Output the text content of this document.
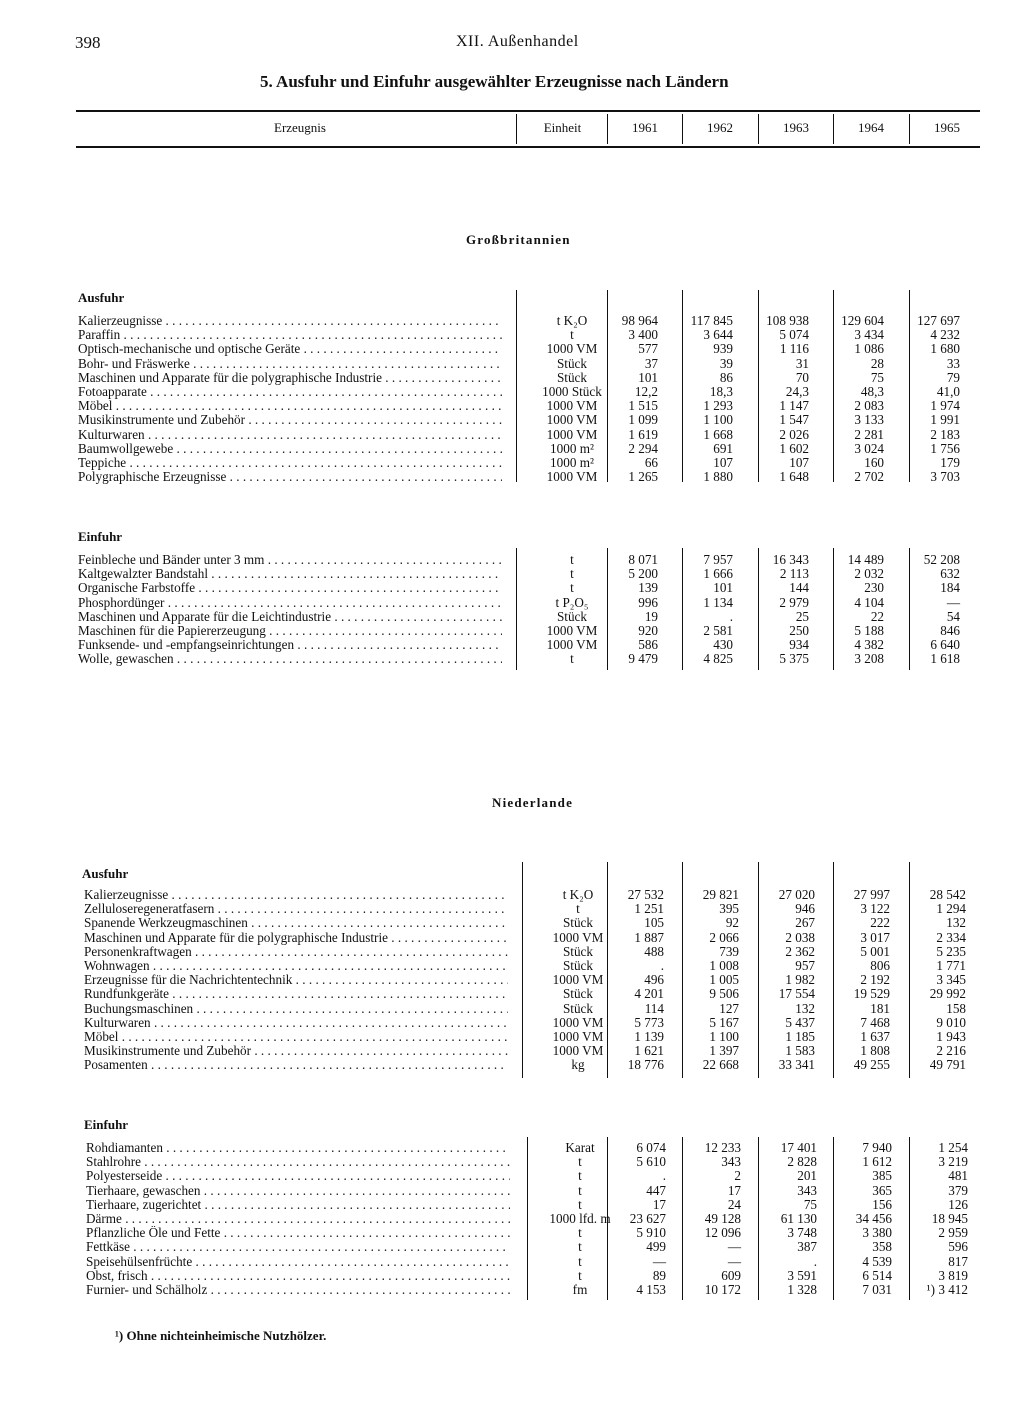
398	XII. Außenhandel
5. Ausfuhr und Einfuhr ausgewählter Erzeugnisse nach Ländern
Erzeugnis	Einheit	1961	1962	1963	1964	1965
Großbritannien
Ausfuhr
Kalierzeugnisse . . .	t K₂O	98 964	117 845	108 938	129 604	127 697
Paraffin . . .	t	3 400	3 644	5 074	3 434	4 232
Optisch-mechanische und optische Geräte . . .	1000 VM	577	939	1 116	1 086	1 680
Bohr- und Fräswerke . . .	Stück	37	39	31	28	33
Maschinen und Apparate für die polygraphische Industrie . . .	Stück	101	86	70	75	79
Fotoapparate . . .	1000 Stück	12,2	18,3	24,3	48,3	41,0
Möbel . . .	1000 VM	1 515	1 293	1 147	2 083	1 974
Musikinstrumente und Zubehör . . .	1000 VM	1 099	1 100	1 547	3 133	1 991
Kulturwaren . . .	1000 VM	1 619	1 668	2 026	2 281	2 183
Baumwollgewebe . . .	1000 m²	2 294	691	1 602	3 024	1 756
Teppiche . . .	1000 m²	66	107	107	160	179
Polygraphische Erzeugnisse . . .	1000 VM	1 265	1 880	1 648	2 702	3 703
Einfuhr
Feinbleche und Bänder unter 3 mm . . .	t	8 071	7 957	16 343	14 489	52 208
Kaltgewalzter Bandstahl . . .	t	5 200	1 666	2 113	2 032	632
Organische Farbstoffe . . .	t	139	101	144	230	184
Phosphordünger . . .	t P₂O₅	996	1 134	2 979	4 104	—
Maschinen und Apparate für die Leichtindustrie . . .	Stück	19	.	25	22	54
Maschinen für die Papiererzeugung . . .	1000 VM	920	2 581	250	5 188	846
Funksende- und -empfangseinrichtungen . . .	1000 VM	586	430	934	4 382	6 640
Wolle, gewaschen . . .	t	9 479	4 825	5 375	3 208	1 618
Niederlande
Ausfuhr
Kalierzeugnisse . . .	t K₂O	27 532	29 821	27 020	27 997	28 542
Zelluloseregeneratfasern . . .	t	1 251	395	946	3 122	1 294
Spanende Werkzeugmaschinen . . .	Stück	105	92	267	222	132
Maschinen und Apparate für die polygraphische Industrie . . .	1000 VM	1 887	2 066	2 038	3 017	2 334
Personenkraftwagen . . .	Stück	488	739	2 362	5 001	5 235
Wohnwagen . . .	Stück	.	1 008	957	806	1 771
Erzeugnisse für die Nachrichtentechnik . . .	1000 VM	496	1 005	1 982	2 192	3 345
Rundfunkgeräte . . .	Stück	4 201	9 506	17 554	19 529	29 992
Buchungsmaschinen . . .	Stück	114	127	132	181	158
Kulturwaren . . .	1000 VM	5 773	5 167	5 437	7 468	9 010
Möbel . . .	1000 VM	1 139	1 100	1 185	1 637	1 943
Musikinstrumente und Zubehör . . .	1000 VM	1 621	1 397	1 583	1 808	2 216
Posamenten . . .	kg	18 776	22 668	33 341	49 255	49 791
Einfuhr
Rohdiamanten . . .	Karat	6 074	12 233	17 401	7 940	1 254
Stahlrohre . . .	t	5 610	343	2 828	1 612	3 219
Polyesterseide . . .	t	.	2	201	385	481
Tierhaare, gewaschen . . .	t	447	17	343	365	379
Tierhaare, zugerichtet . . .	t	17	24	75	156	126
Därme . . .	1000 lfd. m	23 627	49 128	61 130	34 456	18 945
Pflanzliche Öle und Fette . . .	t	5 910	12 096	3 748	3 380	2 959
Fettkäse . . .	t	499	—	387	358	596
Speisehülsenfrüchte . . .	t	—	—	.	4 539	817
Obst, frisch . . .	t	89	609	3 591	6 514	3 819
Furnier- und Schälholz . . .	fm	4 153	10 172	1 328	7 031	¹) 3 412
¹) Ohne nichteinheimische Nutzhölzer.
